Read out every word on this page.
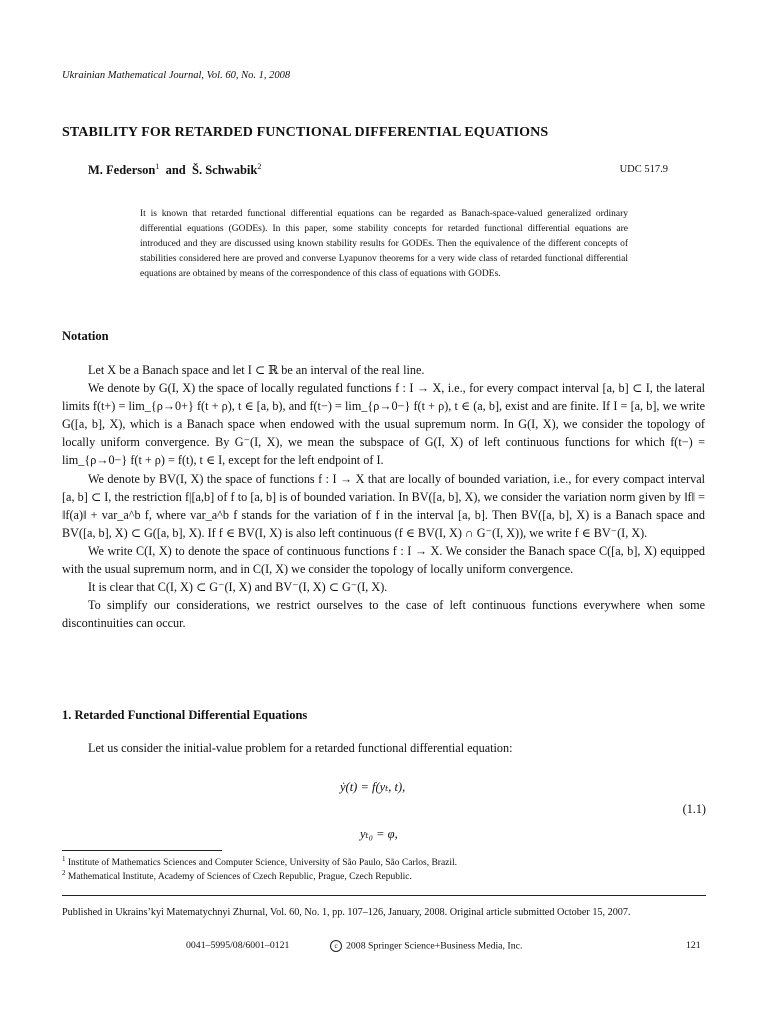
Ukrainian Mathematical Journal, Vol. 60, No. 1, 2008
STABILITY FOR RETARDED FUNCTIONAL DIFFERENTIAL EQUATIONS
M. Federson$^1$ and Š. Schwabik$^2$	UDC 517.9
It is known that retarded functional differential equations can be regarded as Banach-space-valued generalized ordinary differential equations (GODEs). In this paper, some stability concepts for retarded functional differential equations are introduced and they are discussed using known stability results for GODEs. Then the equivalence of the different concepts of stabilities considered here are proved and converse Lyapunov theorems for a very wide class of retarded functional differential equations are obtained by means of the correspondence of this class of equations with GODEs.
Notation

Let X be a Banach space and let I ⊂ ℝ be an interval of the real line.

We denote by G(I, X) the space of locally regulated functions f : I → X, i.e., for every compact interval [a, b] ⊂ I, the lateral limits f(t+) = lim_{ρ→0+} f(t + ρ), t ∈ [a, b), and f(t−) = lim_{ρ→0−} f(t + ρ), t ∈ (a, b], exist and are finite. If I = [a, b], we write G([a, b], X), which is a Banach space when endowed with the usual supremum norm. In G(I, X), we consider the topology of locally uniform convergence. By G⁻(I, X), we mean the subspace of G(I, X) of left continuous functions for which f(t−) = lim_{ρ→0−} f(t + ρ) = f(t), t ∈ I, except for the left endpoint of I.

We denote by BV(I, X) the space of functions f : I → X that are locally of bounded variation, i.e., for every compact interval [a, b] ⊂ I, the restriction f|[a,b] of f to [a, b] is of bounded variation. In BV([a, b], X), we consider the variation norm given by ‖f‖ = ‖f(a)‖ + var_a^b f, where var_a^b f stands for the variation of f in the interval [a, b]. Then BV([a, b], X) is a Banach space and BV([a, b], X) ⊂ G([a, b], X). If f ∈ BV(I, X) is also left continuous (f ∈ BV(I, X) ∩ G⁻(I, X)), we write f ∈ BV⁻(I, X).

We write C(I, X) to denote the space of continuous functions f : I → X. We consider the Banach space C([a, b], X) equipped with the usual supremum norm, and in C(I, X) we consider the topology of locally uniform convergence.

It is clear that C(I, X) ⊂ G⁻(I, X) and BV⁻(I, X) ⊂ G⁻(I, X).

To simplify our considerations, we restrict ourselves to the case of left continuous functions everywhere when some discontinuities can occur.

1. Retarded Functional Differential Equations
Let us consider the initial-value problem for a retarded functional differential equation:
ẏ(t) = f(yₜ, t),
(1.1)
yₜ₀ = φ,
$^1$ Institute of Mathematics Sciences and Computer Science, University of São Paulo, São Carlos, Brazil.
$^2$ Mathematical Institute, Academy of Sciences of Czech Republic, Prague, Czech Republic.
Published in Ukrains’kyi Matematychnyi Zhurnal, Vol. 60, No. 1, pp. 107–126, January, 2008. Original article submitted October 15, 2007.
0041–5995/08/6001–0121	c 2008 Springer Science+Business Media, Inc.	121
